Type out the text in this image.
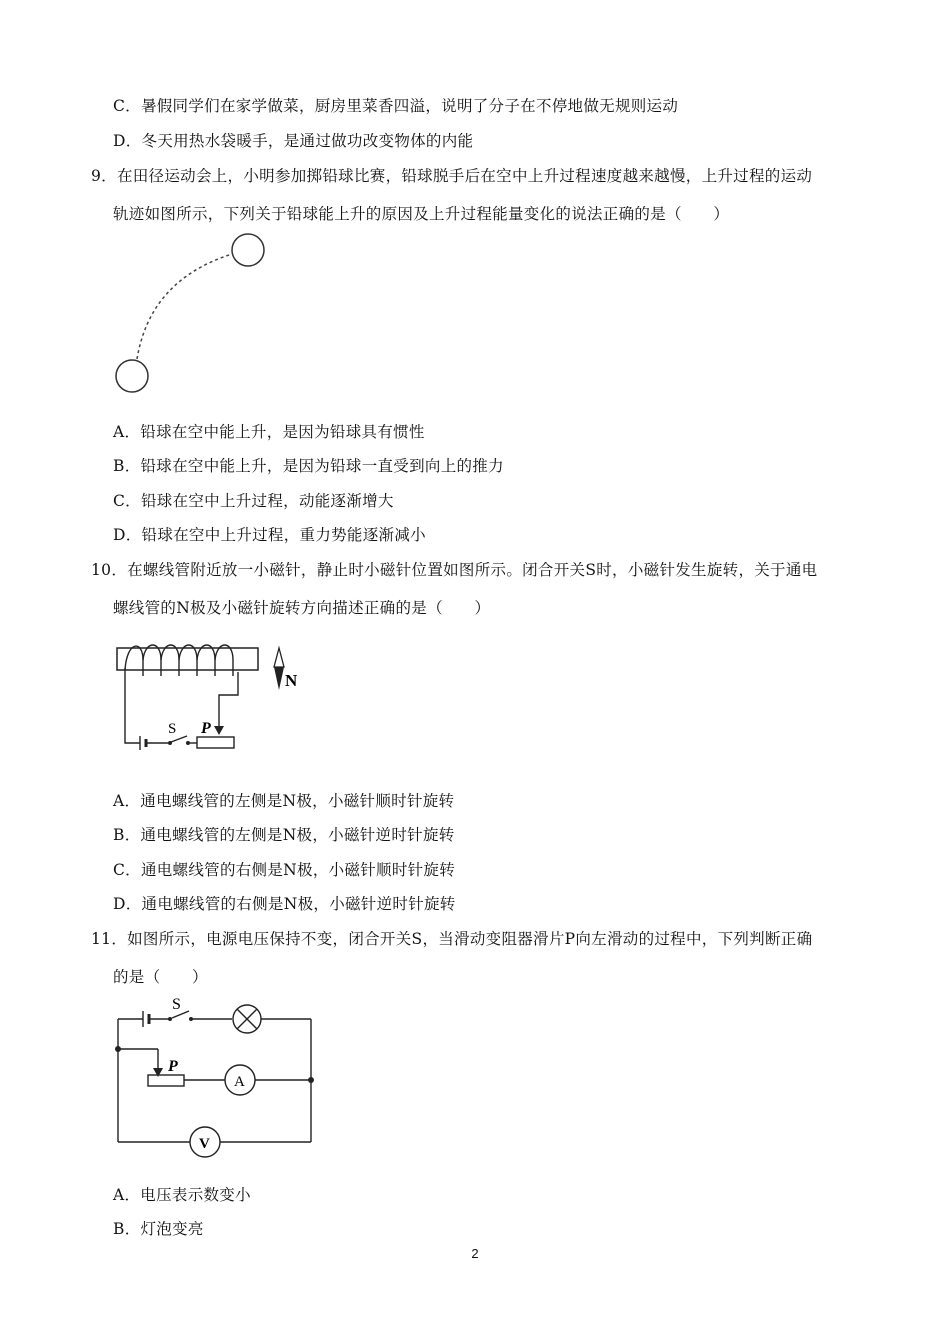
C．暑假同学们在家学做菜，厨房里菜香四溢，说明了分子在不停地做无规则运动
D．冬天用热水袋暖手，是通过做功改变物体的内能
9．在田径运动会上，小明参加掷铅球比赛，铅球脱手后在空中上升过程速度越来越慢，上升过程的运动
轨迹如图所示，下列关于铅球能上升的原因及上升过程能量变化的说法正确的是（　　）
A．铅球在空中能上升，是因为铅球具有惯性
B．铅球在空中能上升，是因为铅球一直受到向上的推力
C．铅球在空中上升过程，动能逐渐增大
D．铅球在空中上升过程，重力势能逐渐减小
10．在螺线管附近放一小磁针，静止时小磁针位置如图所示。闭合开关S时，小磁针发生旋转，关于通电
螺线管的N极及小磁针旋转方向描述正确的是（　　）
S P
N
A．通电螺线管的左侧是N极，小磁针顺时针旋转
B．通电螺线管的左侧是N极，小磁针逆时针旋转
C．通电螺线管的右侧是N极，小磁针顺时针旋转
D．通电螺线管的右侧是N极，小磁针逆时针旋转
11．如图所示，电源电压保持不变，闭合开关S，当滑动变阻器滑片P向左滑动的过程中，下列判断正确
的是（　　）
S
P
A
V
A．电压表示数变小
B．灯泡变亮
2
